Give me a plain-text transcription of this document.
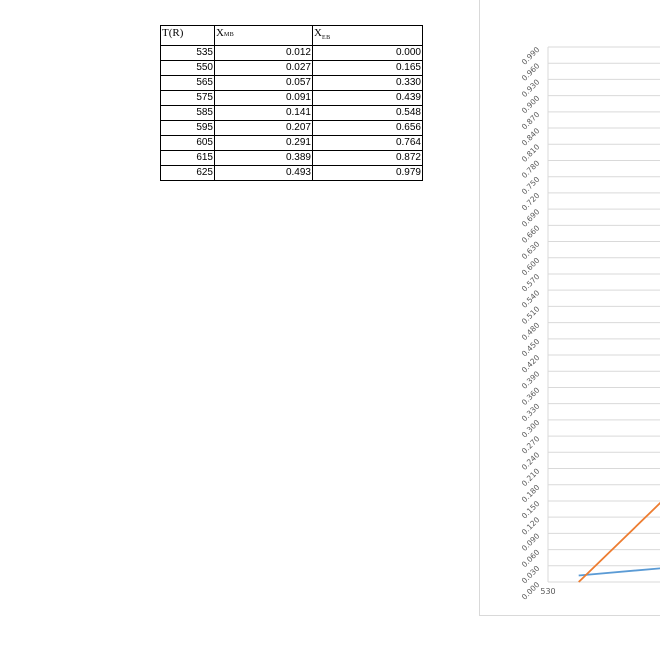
T(R)	XMB	$X_{EB}$
535	0.012	0.000
550	0.027	0.165
565	0.057	0.330
575	0.091	0.439
585	0.141	0.548
595	0.207	0.656
605	0.291	0.764
615	0.389	0.872
625	0.493	0.979
0.000
0.030
0.060
0.090
0.120
0.150
0.180
0.210
0.240
0.270
0.300
0.330
0.360
0.390
0.420
0.450
0.480
0.510
0.540
0.570
0.600
0.630
0.660
0.690
0.720
0.750
0.780
0.810
0.840
0.870
0.900
0.930
0.960
0.990
530
